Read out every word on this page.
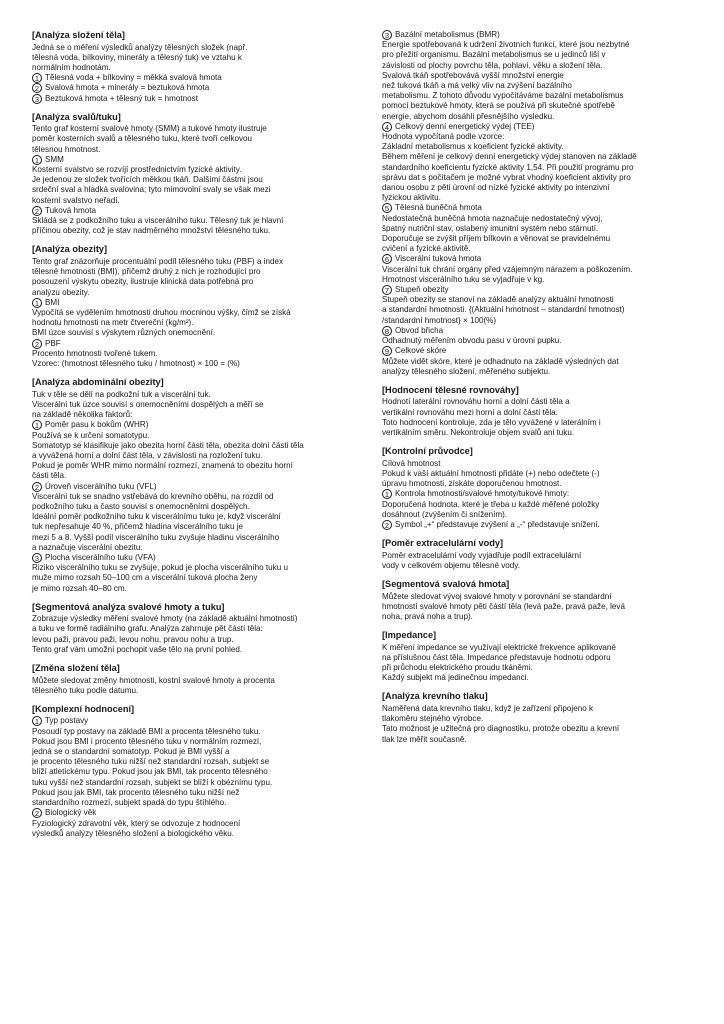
[Analýza složení těla]
Jedná se o měření výsledků analýzy tělesných složek (např.
tělesná voda, bílkoviny, minerály a tělesný tuk) ve vztahu k
normálním hodnotám.
1 Tělesná voda + bílkoviny = měkká svalová hmota
2 Svalová hmota + minerály = beztuková hmota
3 Beztuková hmota + tělesný tuk = hmotnost
[Analýza svalů/tuku]
Tento graf kosterní svalové hmoty (SMM) a tukové hmoty ilustruje
poměr kosterních svalů a tělesného tuku, které tvoří celkovou
tělesnou hmotnost.
1 SMM
Kosterní svalstvo se rozvíjí prostřednictvím fyzické aktivity.
Je jedenou ze složek tvořících měkkou tkáň. Dalšími částmi jsou
srdeční sval a hladká svalovina; tyto mimovolní svaly se však mezi
kosterní svalstvo neřadí.
2 Tuková hmota
Skládá se z podkožního tuku a viscerálního tuku. Tělesný tuk je hlavní
příčinou obezity, což je stav nadměrného množství tělesného tuku.
[Analýza obezity]
Tento graf znázorňuje procentuální podíl tělesného tuku (PBF) a index
tělesné hmotnosti (BMI), přičemž druhý z nich je rozhodující pro
posouzení výskytu obezity, ilustruje klinická data potřebná pro
analýzu obezity.
1 BMI
Vypočítá se vydělením hmotnosti druhou mocninou výšky, čímž se získá
hodnotu hmotnosti na metr čtvereční (kg/m²).
BMI úzce souvisí s výskytem různých onemocnění.
2 PBF
Procento hmotnosti tvořené tukem.
Vzorec: (hmotnost tělesného tuku / hmotnost) × 100 = (%)
[Analýza abdominální obezity]
Tuk v těle se dělí na podkožní tuk a viscerální tuk.
Viscerální tuk úzce souvisí s onemocněními dospělých a měří se
na základě několika faktorů:
1 Poměr pasu k bokům (WHR)
Používá se k určení somatotypu.
Somatotyp se klasifikuje jako obezita horní části těla, obezita dolní části těla
a vyvážená horní a dolní část těla, v závislosti na rozložení tuku.
Pokud je poměr WHR mimo normální rozmezí, znamená to obezitu horní
části těla.
2 Úroveň viscerálního tuku (VFL)
Viscerální tuk se snadno vstřebává do krevního oběhu, na rozdíl od
podkožního tuku a často souvisí s onemocněními dospělých.
Ideální poměr podkožního tuku k viscerálnímu tuku je, když viscerální
tuk nepřesahuje 40 %, přičemž hladina viscerálního tuku je
mezi 5 a 8. Vyšší podíl viscerálního tuku zvyšuje hladinu viscerálního
a naznačuje viscerální obezitu.
3 Plocha viscerálního tuku (VFA)
Riziko viscerálního tuku se zvyšuje, pokud je plocha viscerálního tuku u
muže mimo rozsah 50–100 cm a viscerální tuková plocha ženy
je mimo rozsah 40–80 cm.
[Segmentová analýza svalové hmoty a tuku]
Zobrazuje výsledky měření svalové hmoty (na základě aktuální hmotnosti)
a tuku ve formě radiálního grafu. Analýza zahrnuje pět částí těla:
levou paži, pravou paži, levou nohu, pravou nohu a trup.
Tento graf vám umožní pochopit vaše tělo na první pohled.
[Změna složení těla]
Můžete sledovat změny hmotnosti, kostní svalové hmoty a procenta
tělesného tuku podle datumu.
[Komplexní hodnocení]
1 Typ postavy
Posoudí typ postavy na základě BMI a procenta tělesného tuku.
Pokud jsou BMI i procento tělesného tuku v normálním rozmezí,
jedná se o standardní somatotyp. Pokud je BMI vyšší a
je procento tělesného tuku nižší než standardní rozsah, subjekt se
blíží atletickému typu. Pokud jsou jak BMI, tak procento tělesného
tuku vyšší než standardní rozsah, subjekt se blíží k obéznímu typu.
Pokud jsou jak BMI, tak procento tělesného tuku nižší než
standardního rozmezí, subjekt spadá do typu štíhlého.
2 Biologický věk
Fyziologický zdravotní věk, který se odvozuje z hodnocení
výsledků analýzy tělesného složení a biologického věku.
3 Bazální metabolismus (BMR)
Energie spotřebovaná k udržení životních funkcí, které jsou nezbytné
pro přežití organismu. Bazální metabolismus se u jedinců liší v
závislosti od plochy povrchu těla, pohlaví, věku a složení těla.
Svalová tkáň spotřebovává vyšší množství energie
než tuková tkáň a má velký vliv na zvýšení bazálního
metabolismu. Z tohoto důvodu vypočítáváme bazální metabolismus
pomocí beztukové hmoty, která se používá při skutečné spotřebě
energie, abychom dosáhli přesnějšího výsledku.
4 Celkový denní energetický výdej (TEE)
Hodnota vypočítaná podle vzorce:
Základní metabolismus x koeficient fyzické aktivity.
Během měření je celkový denní energetický výdej stanoven na základě
standardního koeficientu fyzické aktivity 1,54. Při použití programu pro
správu dat s počítačem je možné vybrat vhodný koeficient aktivity pro
danou osobu z pěti úrovní od nízké fyzické aktivity po intenzivní
fyzickou aktivitu.
5 Tělesná buněčná hmota
Nedostatečná buněčná hmota naznačuje nedostatečný vývoj,
špatný nutriční stav, oslabený imunitní systém nebo stárnutí.
Doporučuje se zvýšit příjem bílkovin a věnovat se pravidelnému
cvičení a fyzické aktivitě.
6 Viscerální tuková hmota
Viscerální tuk chrání orgány před vzájemným nárazem a poškozením.
Hmotnost viscerálního tuku se vyjadřuje v kg.
7 Stupeň obezity
Stupeň obezity se stanoví na základě analýzy aktuální hmotnosti
a standardní hmotnosti. {(Aktuální hmotnost – standardní hmotnost)
/standardní hmotnost} × 100(%)
8 Obvod břicha
Odhadnutý měřením obvodu pasu v úrovni pupku.
9 Celkové skóre
Můžete vidět skóre, které je odhadnuto na základě výsledných dat
analýzy tělesného složení, měřeného subjektu.
[Hodnocení tělesné rovnováhy]
Hodnotí laterální rovnováhu horní a dolní části těla a
vertikální rovnováhu mezi horní a dolní částí těla.
Toto hodnocení kontroluje, zda je tělo vyvážené v laterálním i
vertikálním směru. Nekontroluje objem svalů ani tuku.
[Kontrolní průvodce]
Cílová hmotnost
Pokud k vaší aktuální hmotnosti přidáte (+) nebo odečtete (-)
úpravu hmotnosti, získáte doporučenou hmotnost.
1 Kontrola hmotnosti/svalové hmoty/tukové hmoty:
Doporučená hodnota, které je třeba u každé měřené položky
dosáhnout (zvýšením či snížením).
2 Symbol „+“ představuje zvýšení a „-“ představuje snížení.
[Poměr extracelulární vody]
Poměr extracelulární vody vyjadřuje podíl extracelulární
vody v celkovém objemu tělesné vody.
[Segmentová svalová hmota]
Můžete sledovat vývoj svalové hmoty v porovnání se standardní
hmotností svalové hmoty pěti částí těla (levá paže, pravá paže, levá
noha, pravá noha a trup).
[Impedance]
K měření impedance se využívají elektrické frekvence aplikované
na příslušnou část těla. Impedance představuje hodnotu odporu
při průchodu elektrického proudu tkáněmi.
Každý subjekt má jedinečnou impedanci.
[Analýza krevního tlaku]
Naměřená data krevního tlaku, když je zařízení připojeno k
tlakoměru stejného výrobce.
Tato možnost je užitečná pro diagnostiku, protože obezitu a krevní
tlak lze měřit současně.
